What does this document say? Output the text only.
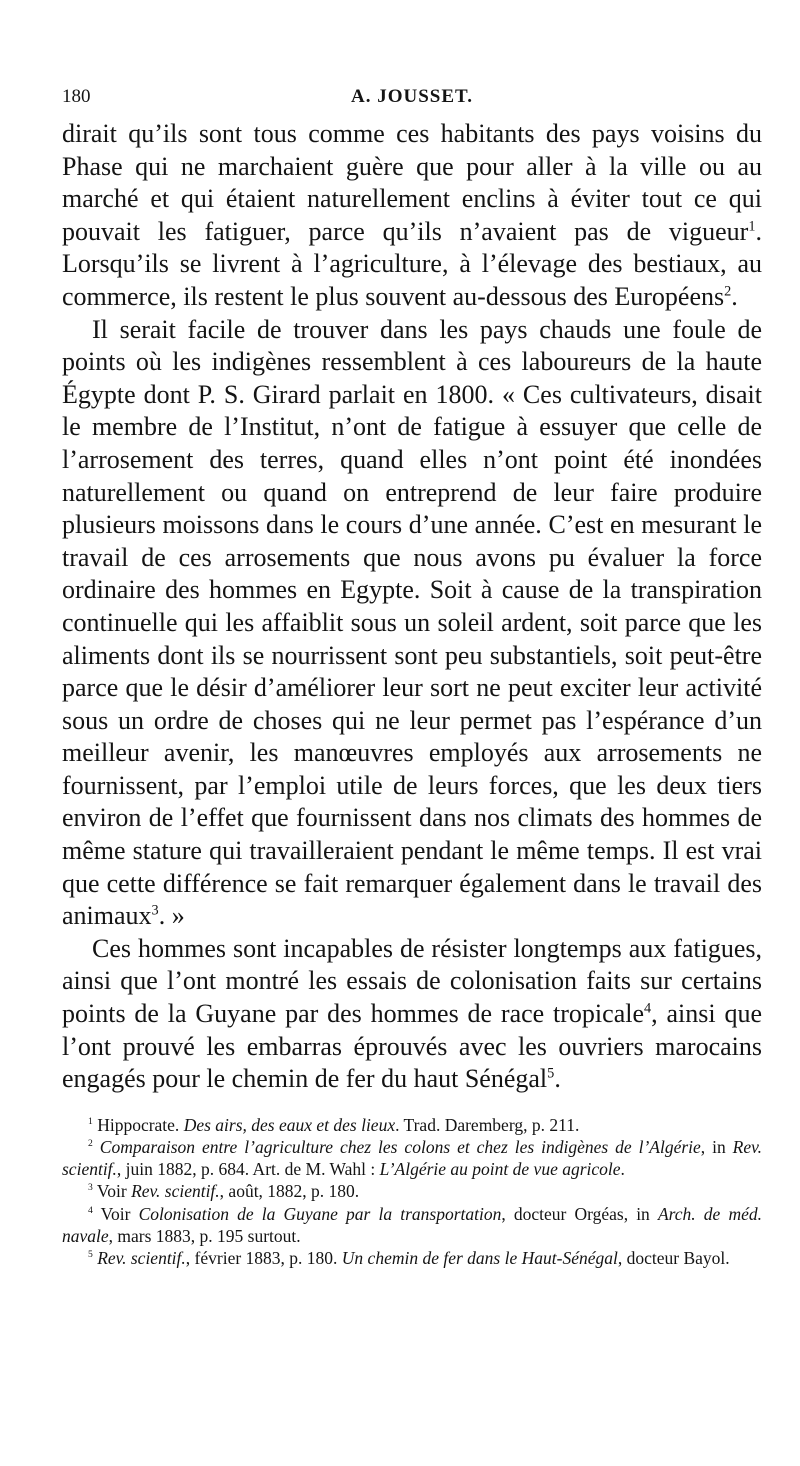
180	A. JOUSSET.

dirait qu’ils sont tous comme ces habitants des pays voisins du Phase qui ne marchaient guère que pour aller à la ville ou au marché et qui étaient naturellement enclins à éviter tout ce qui pouvait les fatiguer, parce qu’ils n’avaient pas de vigueur$^1$. Lorsqu’ils se livrent à l’agriculture, à l’élevage des bestiaux, au commerce, ils restent le plus souvent au-dessous des Européens$^2$.

Il serait facile de trouver dans les pays chauds une foule de points où les indigènes ressemblent à ces laboureurs de la haute Égypte dont P. S. Girard parlait en 1800. « Ces cultivateurs, disait le membre de l’Institut, n’ont de fatigue à essuyer que celle de l’arrosement des terres, quand elles n’ont point été inondées naturellement ou quand on entreprend de leur faire produire plusieurs moissons dans le cours d’une année. C’est en mesurant le travail de ces arrosements que nous avons pu évaluer la force ordinaire des hommes en Egypte. Soit à cause de la transpiration continuelle qui les affaiblit sous un soleil ardent, soit parce que les aliments dont ils se nourrissent sont peu substantiels, soit peut-être parce que le désir d’améliorer leur sort ne peut exciter leur activité sous un ordre de choses qui ne leur permet pas l’espérance d’un meilleur avenir, les manœuvres employés aux arrosements ne fournissent, par l’emploi utile de leurs forces, que les deux tiers environ de l’effet que fournissent dans nos climats des hommes de même stature qui travailleraient pendant le même temps. Il est vrai que cette différence se fait remarquer également dans le travail des animaux$^3$. »

Ces hommes sont incapables de résister longtemps aux fatigues, ainsi que l’ont montré les essais de colonisation faits sur certains points de la Guyane par des hommes de race tropicale$^4$, ainsi que l’ont prouvé les embarras éprouvés avec les ouvriers marocains engagés pour le chemin de fer du haut Sénégal$^5$.

$^1$ Hippocrate. Des airs, des eaux et des lieux. Trad. Daremberg, p. 211.
$^2$ Comparaison entre l’agriculture chez les colons et chez les indigènes de l’Algérie, in Rev. scientif., juin 1882, p. 684. Art. de M. Wahl : L’Algérie au point de vue agricole.
$^3$ Voir Rev. scientif., août, 1882, p. 180.
$^4$ Voir Colonisation de la Guyane par la transportation, docteur Orgéas, in Arch. de méd. navale, mars 1883, p. 195 surtout.
$^5$ Rev. scientif., février 1883, p. 180. Un chemin de fer dans le Haut-Sénégal, docteur Bayol.
